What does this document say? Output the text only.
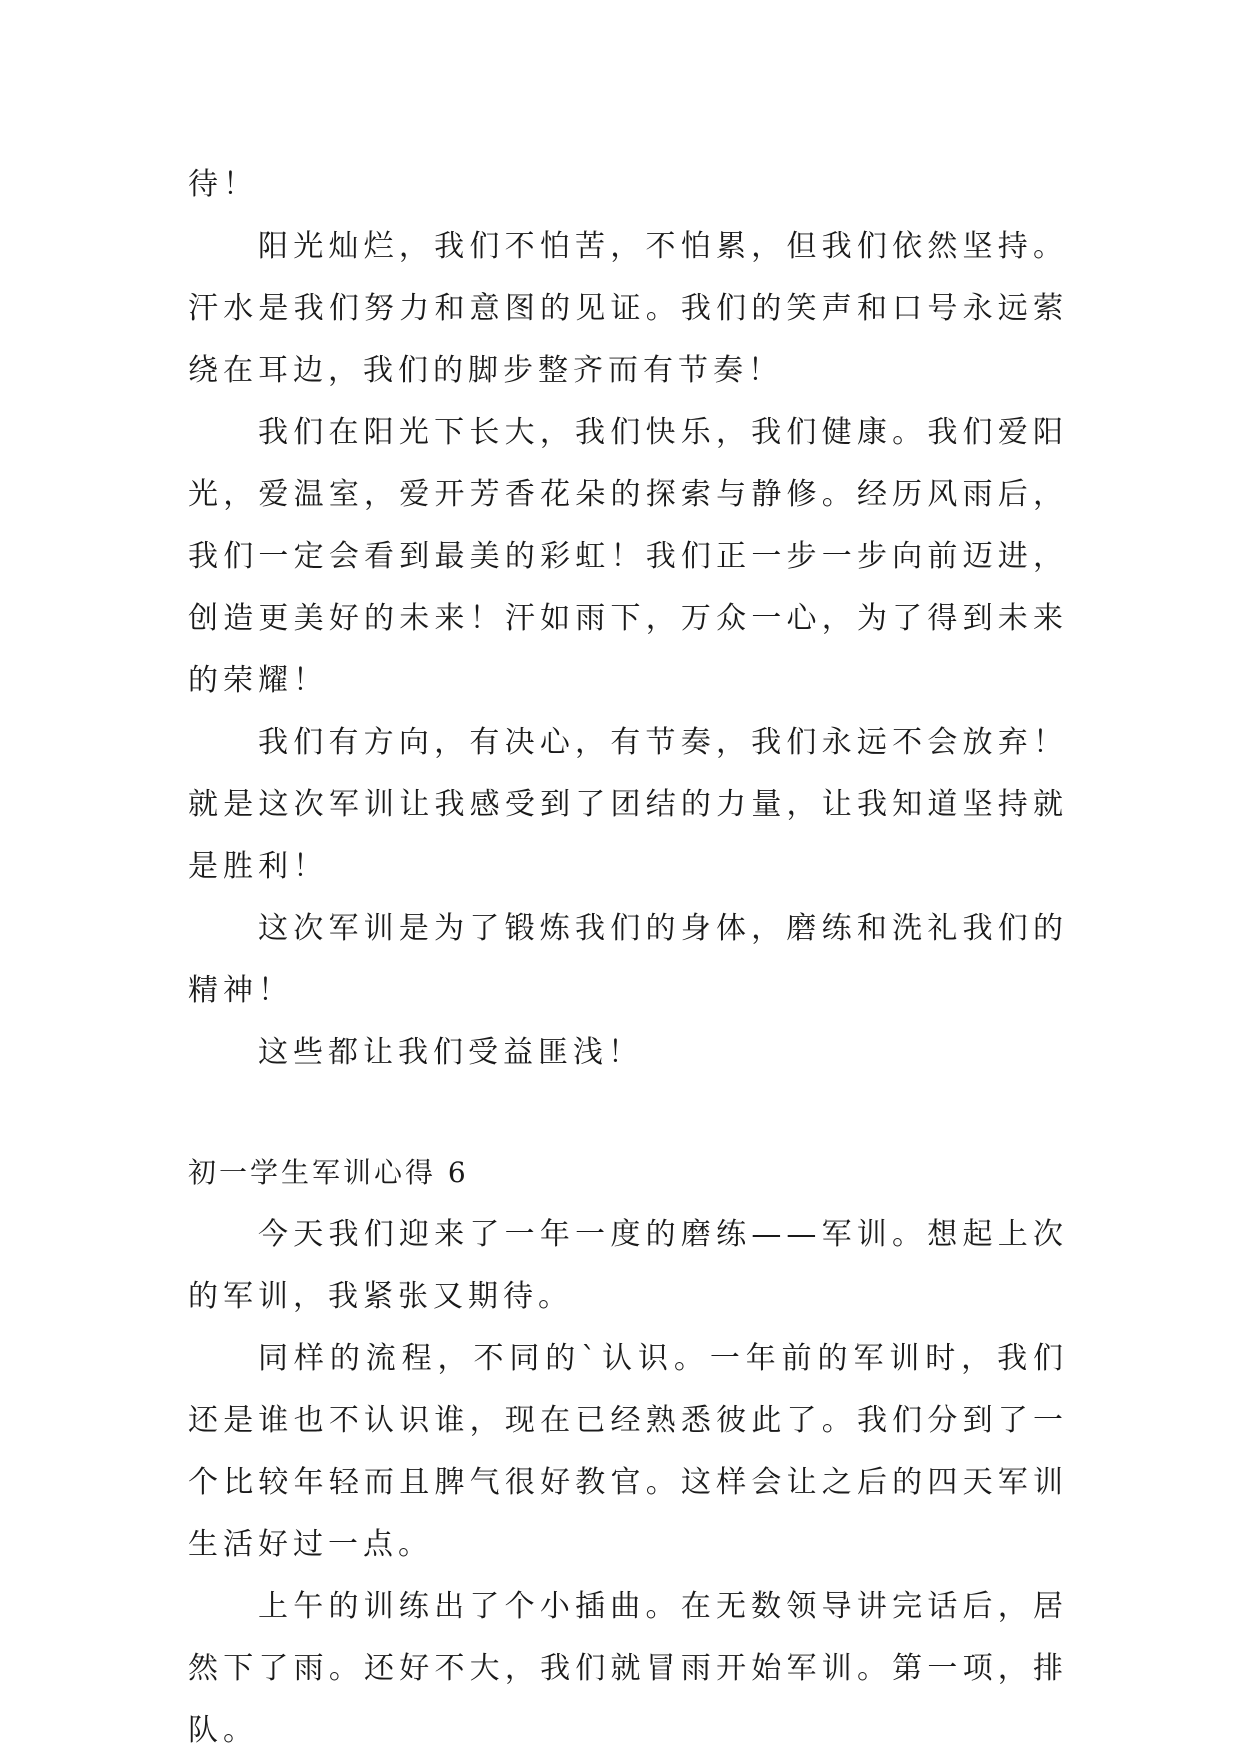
待！

阳光灿烂，我们不怕苦，不怕累，但我们依然坚持。汗水是我们努力和意图的见证。我们的笑声和口号永远萦绕在耳边，我们的脚步整齐而有节奏！

我们在阳光下长大，我们快乐，我们健康。我们爱阳光，爱温室，爱开芳香花朵的探索与静修。经历风雨后，我们一定会看到最美的彩虹！我们正一步一步向前迈进，创造更美好的未来！汗如雨下，万众一心，为了得到未来的荣耀！

我们有方向，有决心，有节奏，我们永远不会放弃！就是这次军训让我感受到了团结的力量，让我知道坚持就是胜利！

这次军训是为了锻炼我们的身体，磨练和洗礼我们的精神！

这些都让我们受益匪浅！

初一学生军训心得 6

今天我们迎来了一年一度的磨练——军训。想起上次的军训，我紧张又期待。

同样的流程，不同的`认识。一年前的军训时，我们还是谁也不认识谁，现在已经熟悉彼此了。我们分到了一个比较年轻而且脾气很好教官。这样会让之后的四天军训生活好过一点。

上午的训练出了个小插曲。在无数领导讲完话后，居然下了雨。还好不大，我们就冒雨开始军训。第一项，排队。
